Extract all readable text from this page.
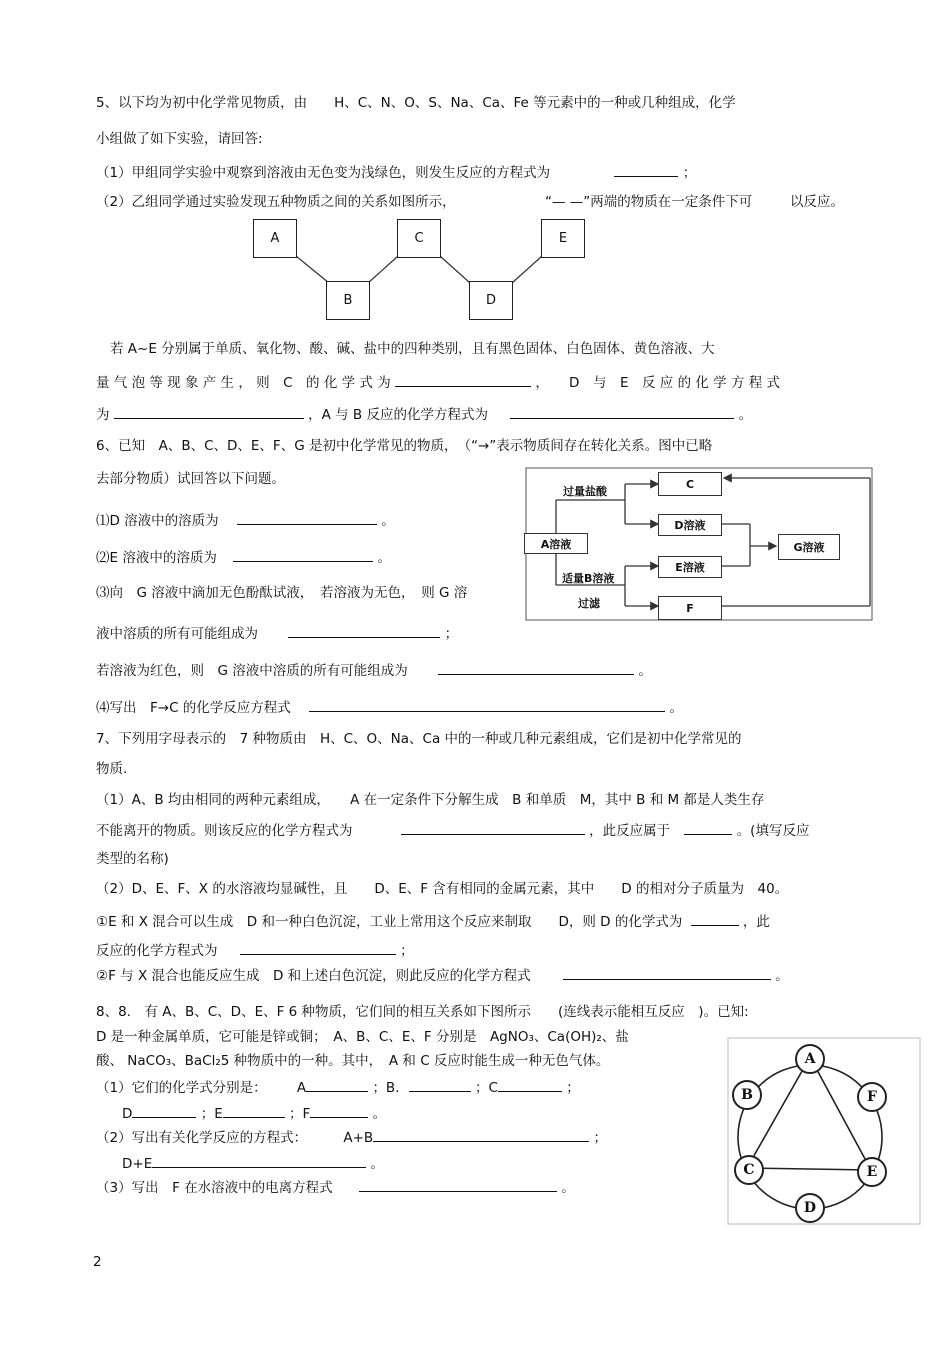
5、以下均为初中化学常见物质，由　　H、C、N、O、S、Na、Ca、Fe 等元素中的一种或几种组成，化学
小组做了如下实验，请回答:
（1）甲组同学实验中观察到溶液由无色变为浅绿色，则发生反应的方程式为	；
（2）乙组同学通过实验发现五种物质之间的关系如图所示，	“— —”两端的物质在一定条件下可	以反应。
A
B
C
D
E
若 A~E 分别属于单质、氧化物、酸、碱、盐中的四种类别，且有黑色固体、白色固体、黄色溶液、大
量 气 泡 等 现 象 产 生 ， 则　C　的 化 学 式 为	，　　D　与　E　反 应 的 化 学 方 程 式
为	，A 与 B 反应的化学方程式为	。
6、已知　A、B、C、D、E、F、G 是初中化学常见的物质，　（“→”表示物质间存在转化关系。图中已略
去部分物质）试回答以下问题。
⑴D 溶液中的溶质为	。
⑵E 溶液中的溶质为	。
⑶向　G 溶液中滴加无色酚酞试液，　若溶液为无色，　则 G 溶
液中溶质的所有可能组成为	；
若溶液为红色，则　G 溶液中溶质的所有可能组成为	。
⑷写出　F→C 的化学反应方程式	。
A溶液
C
D溶液
E溶液
F
G溶液
过量盐酸
适量B溶液
过滤
7、下列用字母表示的　7 种物质由　H、C、O、Na、Ca 中的一种或几种元素组成，它们是初中化学常见的
物质.
（1）A、B 均由相同的两种元素组成，　　A 在一定条件下分解生成　B 和单质　M，其中 B 和 M 都是人类生存
不能离开的物质。则该反应的化学方程式为	，此反应属于	。(填写反应
类型的名称)
（2）D、E、F、X 的水溶液均显碱性，且　　D、E、F 含有相同的金属元素，其中　　D 的相对分子质量为　40。
①E 和 X 混合可以生成　D 和一种白色沉淀，工业上常用这个反应来制取　　D，则 D 的化学式为	，此
反应的化学方程式为	；
②F 与 X 混合也能反应生成　D 和上述白色沉淀，则此反应的化学方程式	。
8、8.　有 A、B、C、D、E、F 6 种物质，它们间的相互关系如下图所示　　(连线表示能相互反应　)。已知:
D 是一种金属单质，它可能是锌或铜；　A、B、C、E、F 分别是　AgNO₃、Ca(OH)₂、盐
酸、 NaCO₃、BaCl₂5 种物质中的一种。其中，　A 和 C 反应时能生成一种无色气体。
（1）它们的化学式分别是： A	；B．	；C	；
D	；E	；F	。
（2）写出有关化学反应的方程式：	A+B	；
D+E	。
（3）写出　F 在水溶液中的电离方程式	。
A
B
C
D
E
F
2
